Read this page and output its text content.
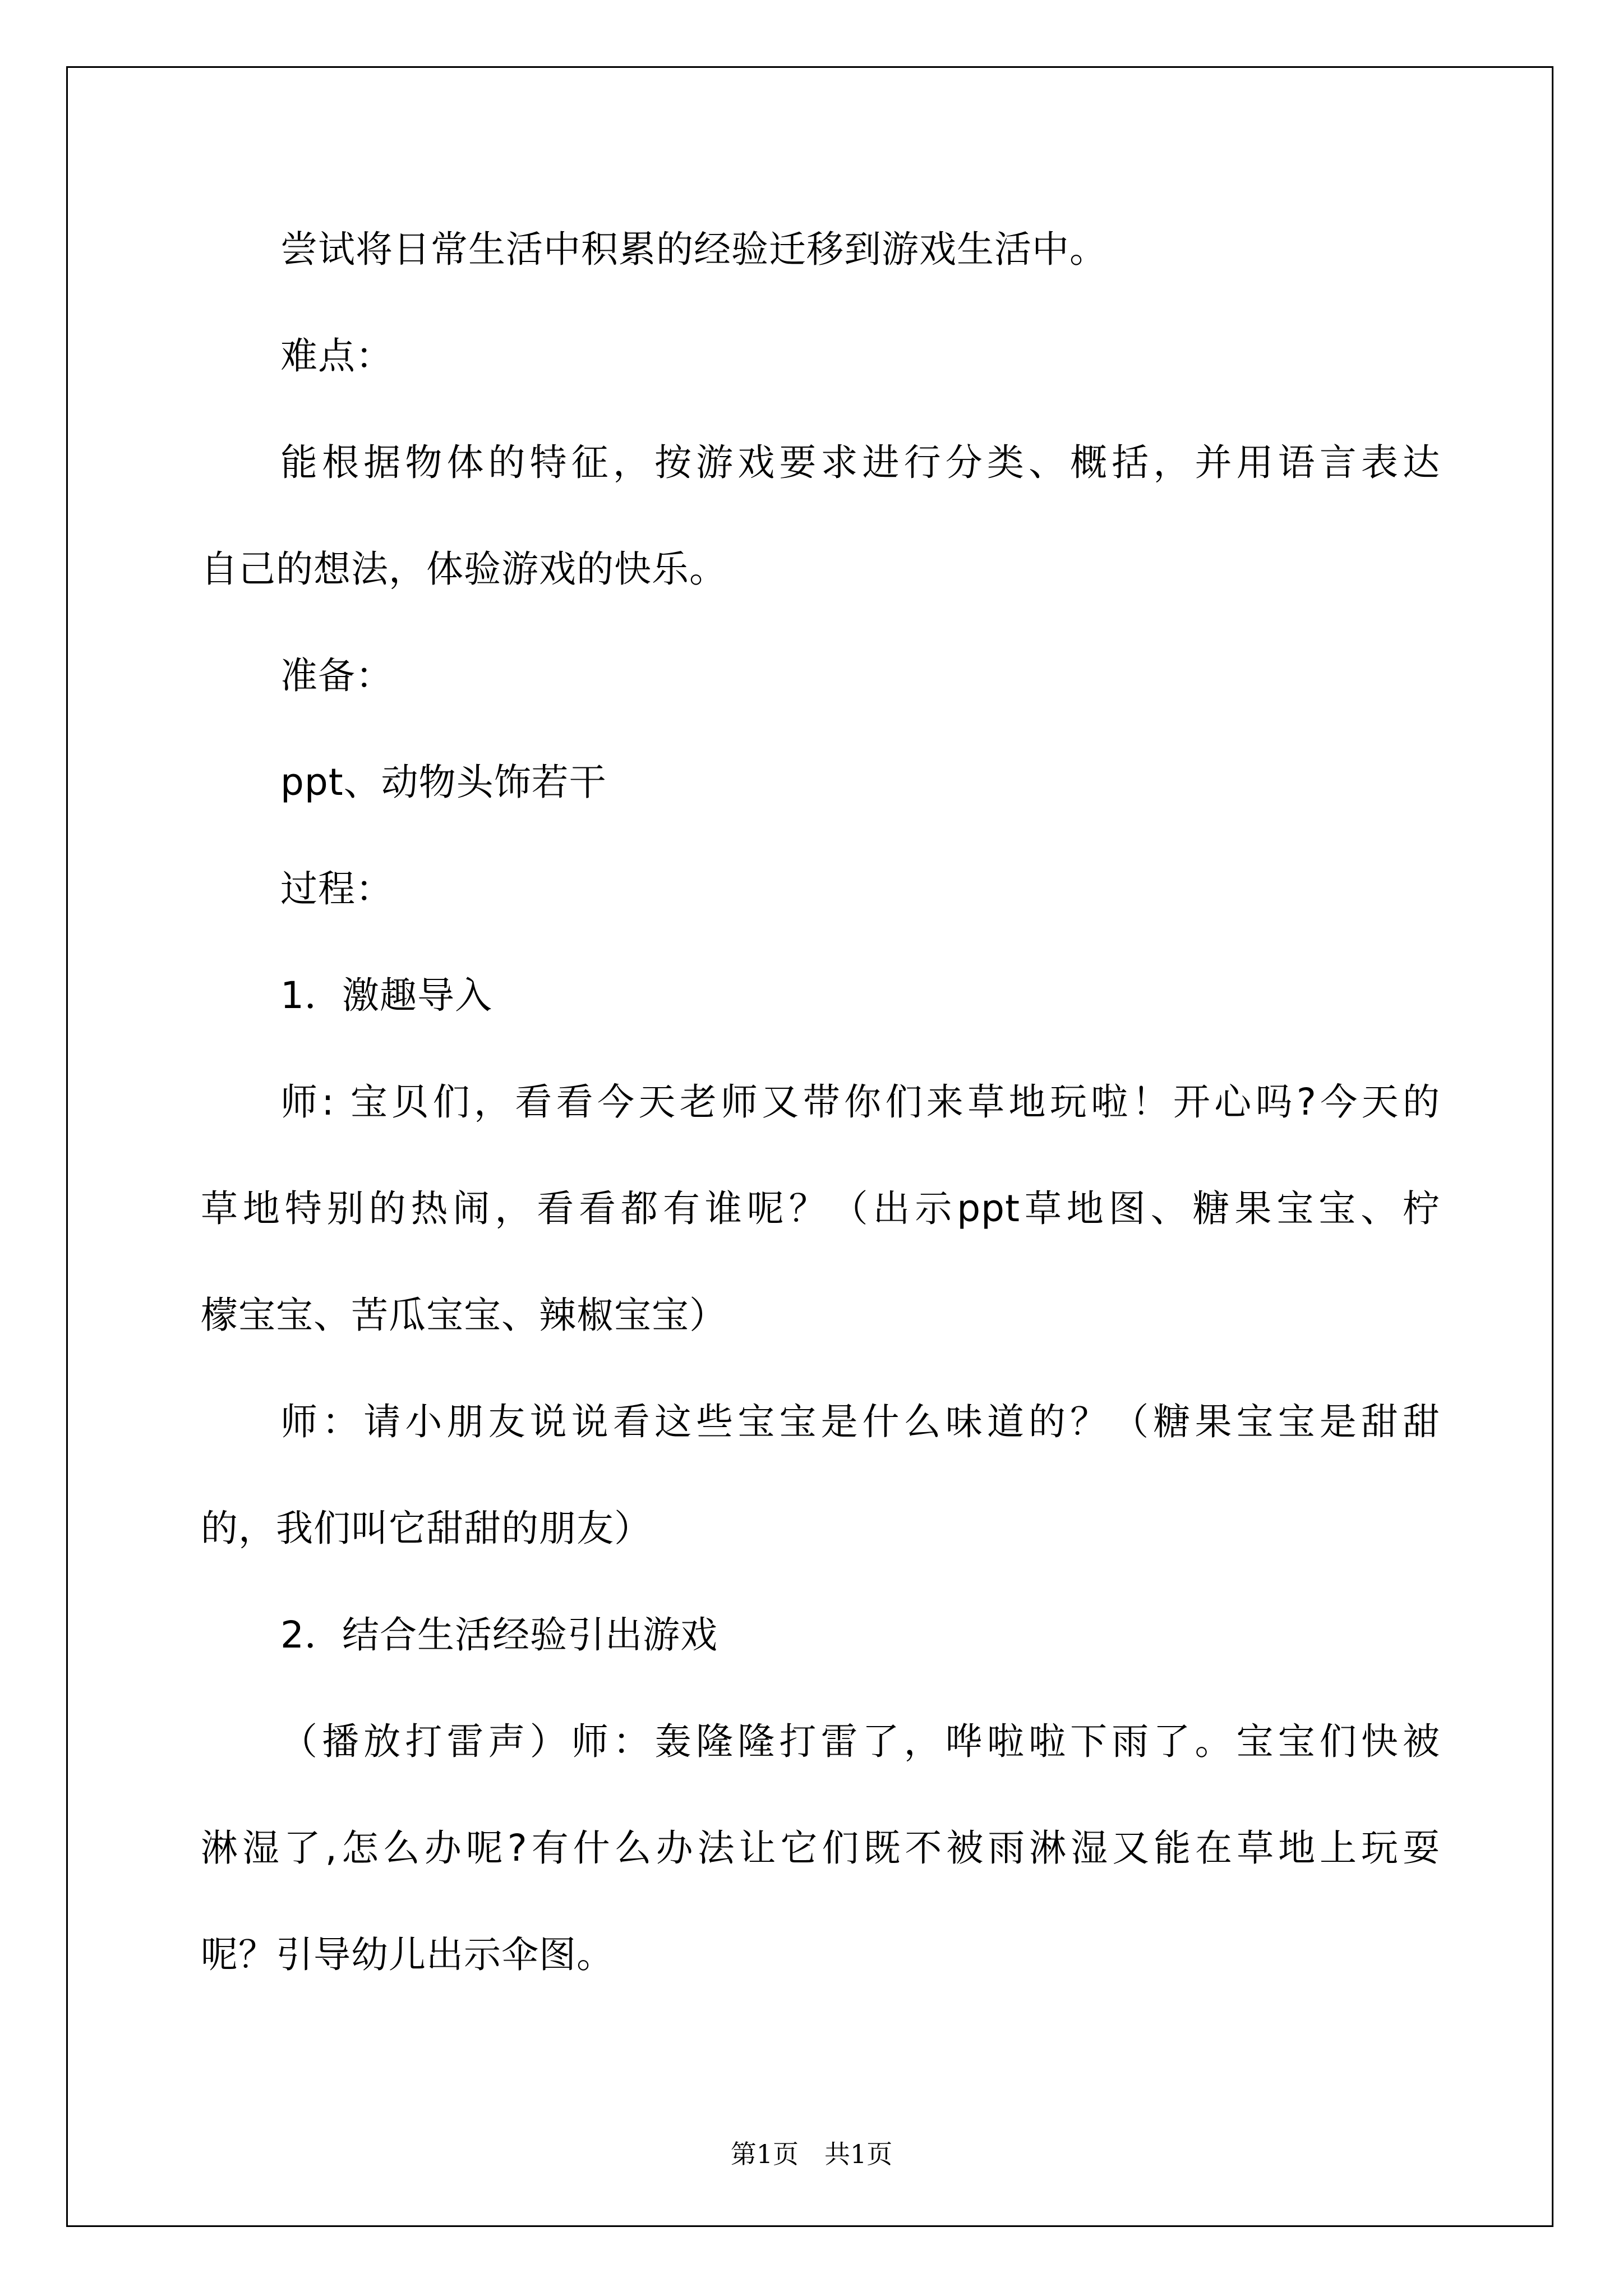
尝试将日常生活中积累的经验迁移到游戏生活中。
难点：
能根据物体的特征，按游戏要求进行分类、概括，并用语言表达
自己的想法，体验游戏的快乐。
准备：
ppt、动物头饰若干
过程：
1．激趣导入
师: 宝贝们，看看今天老师又带你们来草地玩啦！开心吗?今天的
草地特别的热闹，看看都有谁呢？（出示ppt草地图、糖果宝宝、柠
檬宝宝、苦瓜宝宝、辣椒宝宝）
师：请小朋友说说看这些宝宝是什么味道的？（糖果宝宝是甜甜
的，我们叫它甜甜的朋友）
2．结合生活经验引出游戏
（播放打雷声）师：轰隆隆打雷了，哗啦啦下雨了。宝宝们快被
淋湿了,怎么办呢?有什么办法让它们既不被雨淋湿又能在草地上玩耍
呢？引导幼儿出示伞图。
第1页　共1页
